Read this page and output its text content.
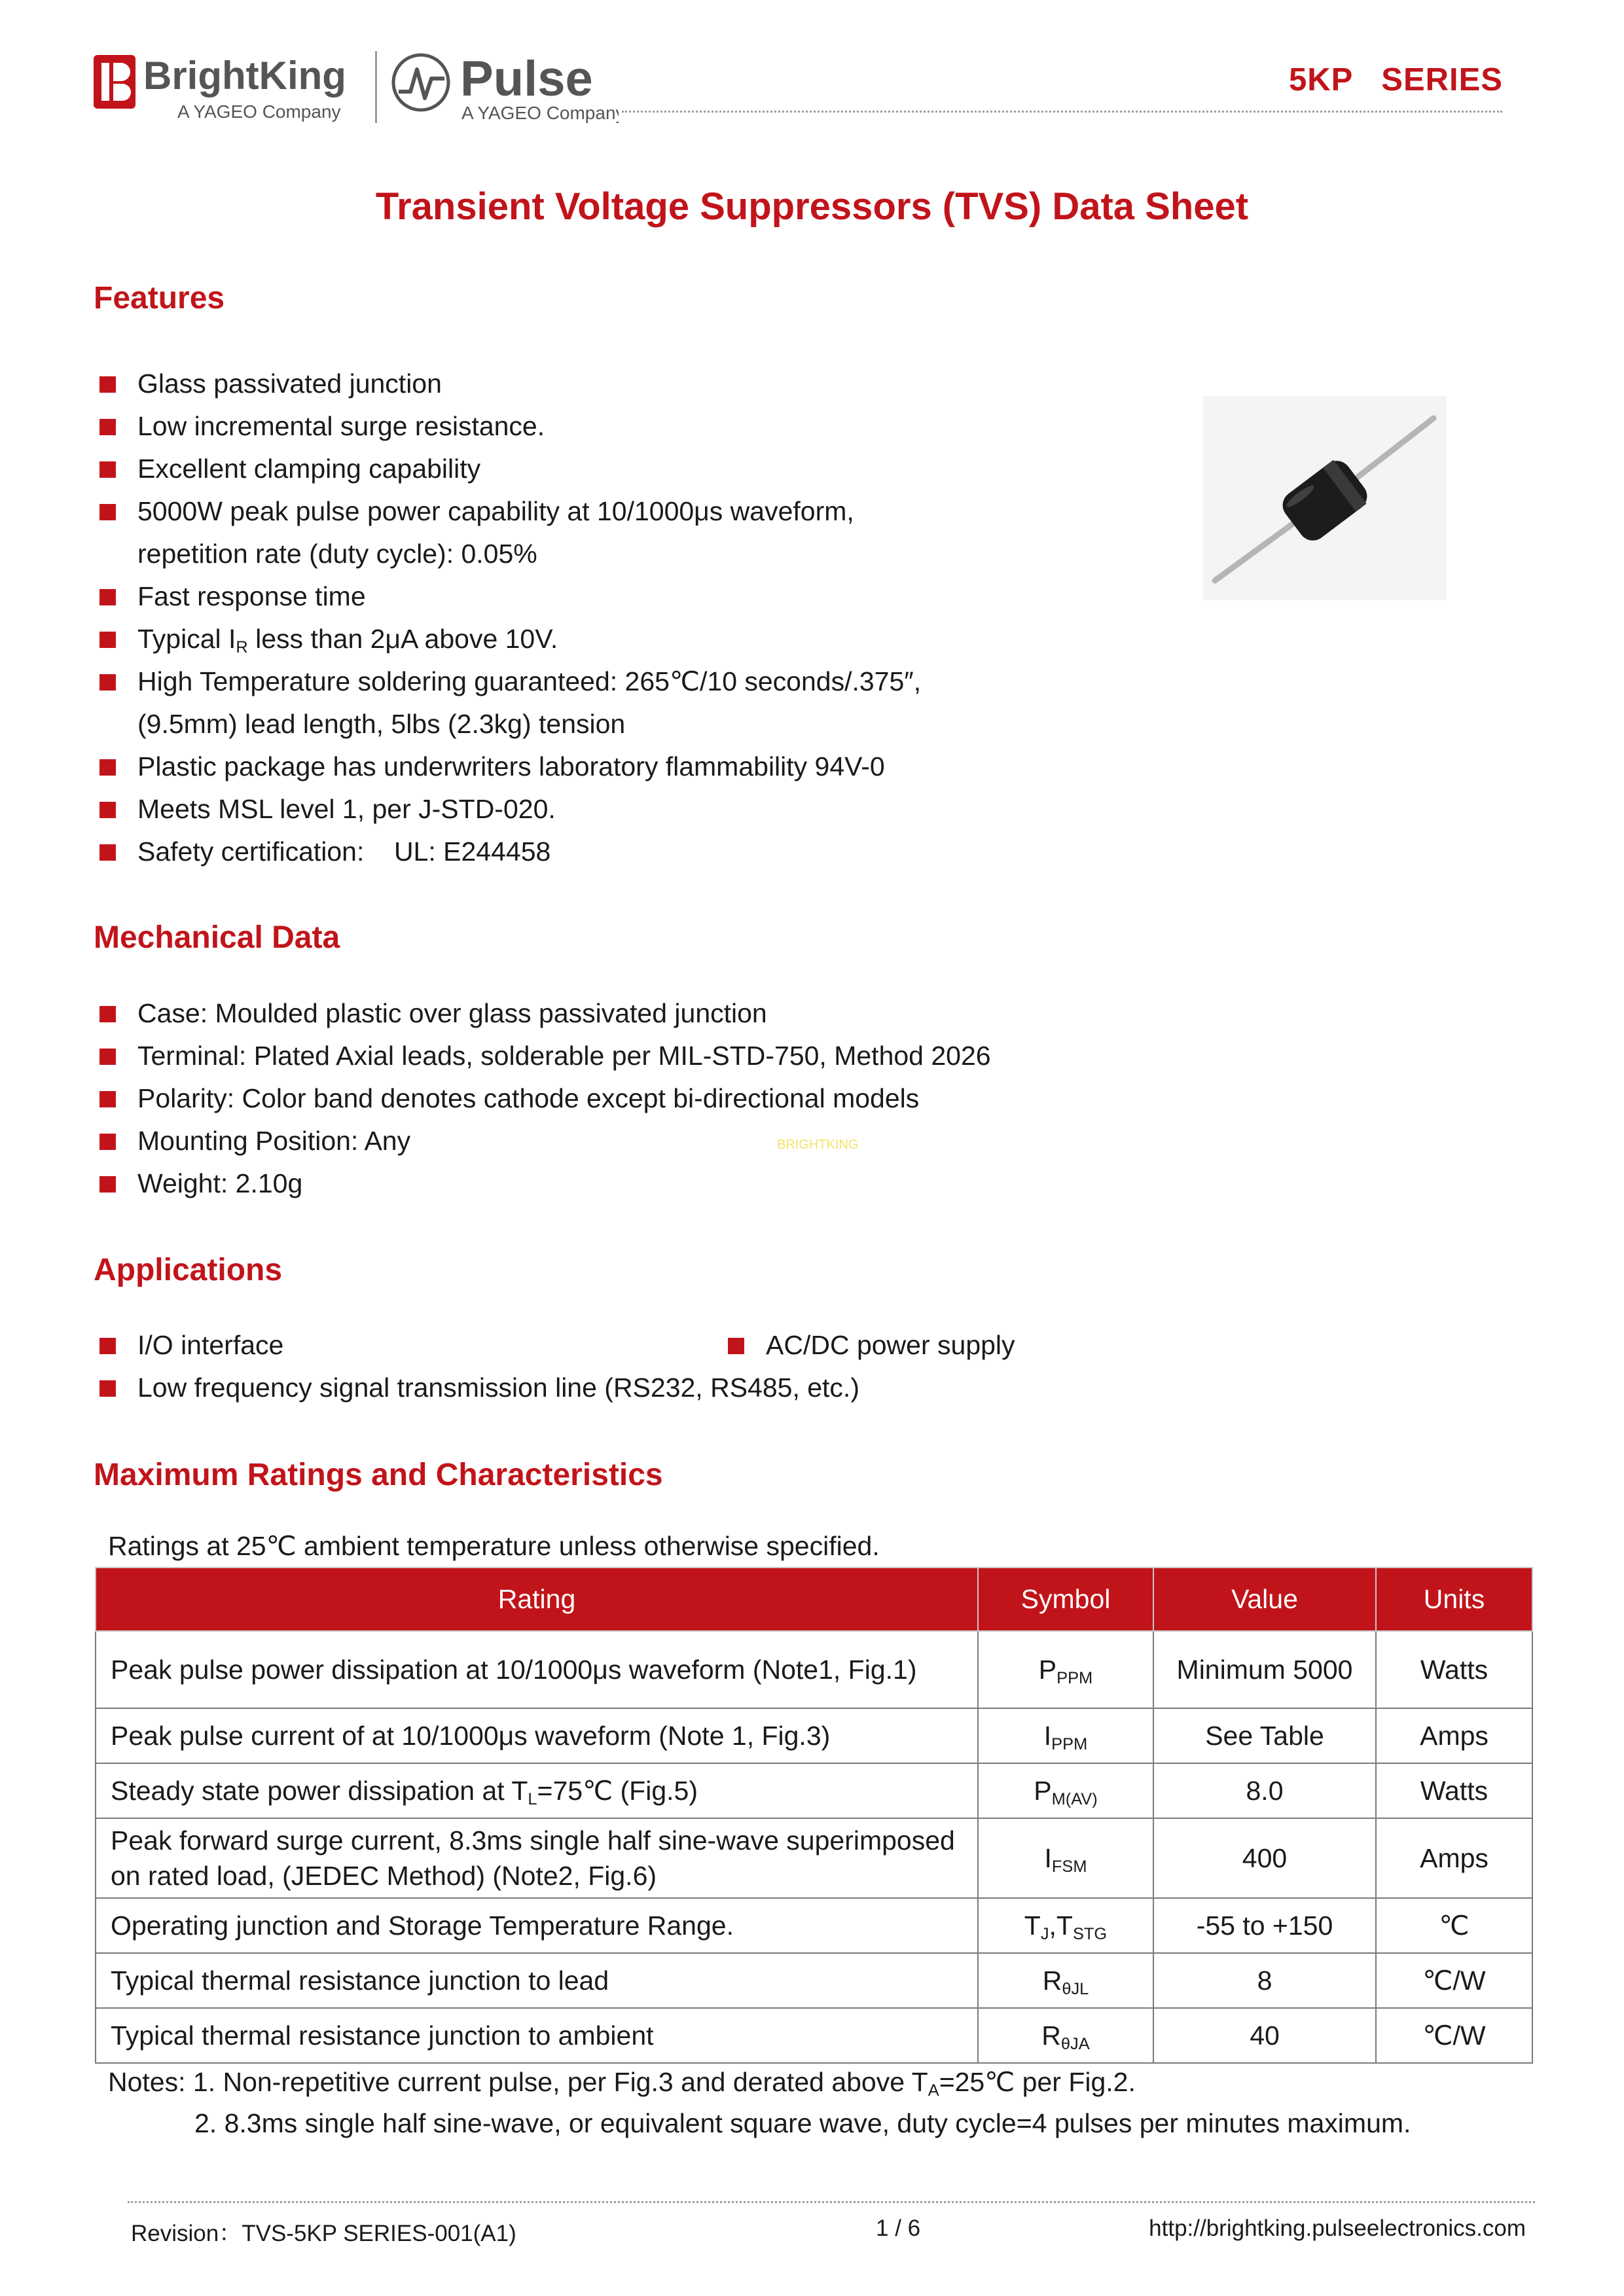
BrightKing
A YAGEO Company
Pulse
A YAGEO Company
5KP   SERIES
Transient Voltage Suppressors (TVS) Data Sheet
Features
Glass passivated junction
Low incremental surge resistance.
Excellent clamping capability
5000W peak pulse power capability at 10/1000μs waveform,
repetition rate (duty cycle): 0.05%
Fast response time
Typical $I_R$ less than 2μA above 10V.
High Temperature soldering guaranteed: 265℃/10 seconds/.375″,
(9.5mm) lead length, 5lbs (2.3kg) tension
Plastic package has underwriters laboratory flammability 94V-0
Meets MSL level 1, per J-STD-020.
Safety certification:    UL: E244458
Mechanical Data
Case: Moulded plastic over glass passivated junction
Terminal: Plated Axial leads, solderable per MIL-STD-750, Method 2026
Polarity: Color band denotes cathode except bi-directional models
Mounting Position: Any
Weight: 2.10g
BRIGHTKING
Applications
I/O interface
Low frequency signal transmission line (RS232, RS485, etc.)
AC/DC power supply
Maximum Ratings and Characteristics
Ratings at 25℃ ambient temperature unless otherwise specified.
Rating	Symbol	Value	Units
Peak pulse power dissipation at 10/1000μs waveform (Note1, Fig.1)	$P_{PPM}$	Minimum 5000	Watts
Peak pulse current of at 10/1000μs waveform (Note 1, Fig.3)	$I_{PPM}$	See Table	Amps
Steady state power dissipation at $T_L=75℃$ (Fig.5)	$P_{M(AV)}$	8.0	Watts
Peak forward surge current, 8.3ms single half sine-wave superimposed on rated load, (JEDEC Method) (Note2, Fig.6)	$I_{FSM}$	400	Amps
Operating junction and Storage Temperature Range.	$T_J,T_{STG}$	-55 to +150	℃
Typical thermal resistance junction to lead	$R_{\theta JL}$	8	℃/W
Typical thermal resistance junction to ambient	$R_{\theta JA}$	40	℃/W
Notes: 1. Non-repetitive current pulse, per Fig.3 and derated above $T_A=25℃$ per Fig.2.
2. 8.3ms single half sine-wave, or equivalent square wave, duty cycle=4 pulses per minutes maximum.
Revision：TVS-5KP SERIES-001(A1)	1 / 6	http://brightking.pulseelectronics.com
